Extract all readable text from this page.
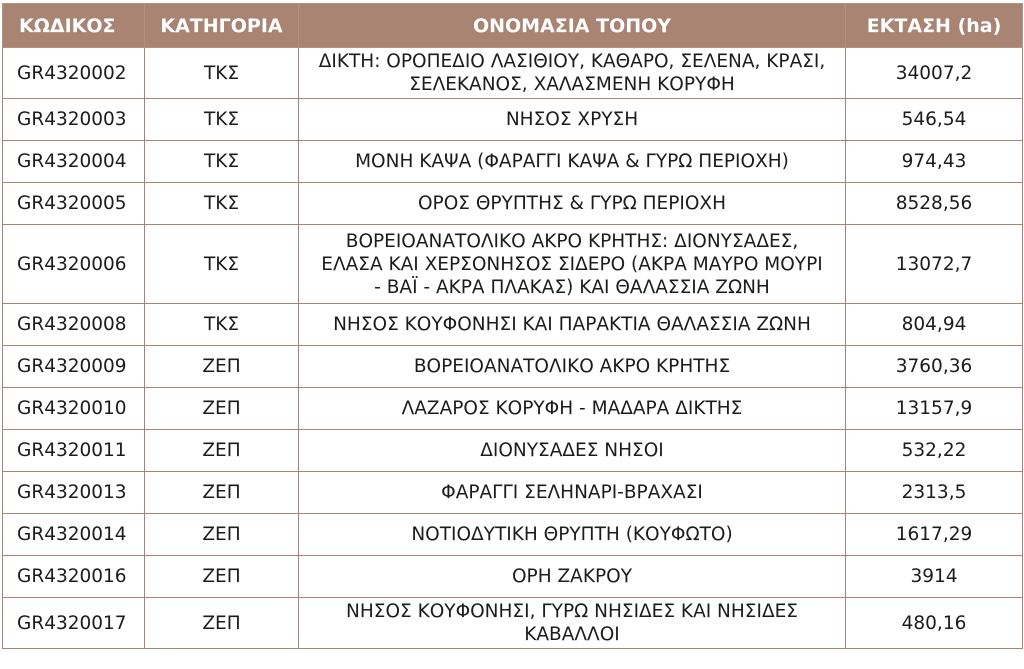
ΚΩΔΙΚΟΣ	ΚΑΤΗΓΟΡΙΑ	ΟΝΟΜΑΣΙΑ ΤΟΠΟΥ	ΕΚΤΑΣΗ (ha)
GR4320002	ΤΚΣ	ΔΙΚΤΗ: ΟΡΟΠΕΔΙΟ ΛΑΣΙΘΙΟΥ, ΚΑΘΑΡΟ, ΣΕΛΕΝΑ, ΚΡΑΣΙ, ΣΕΛΕΚΑΝΟΣ, ΧΑΛΑΣΜΕΝΗ ΚΟΡΥΦΗ	34007,2
GR4320003	ΤΚΣ	ΝΗΣΟΣ ΧΡΥΣΗ	546,54
GR4320004	ΤΚΣ	ΜΟΝΗ ΚΑΨΑ (ΦΑΡΑΓΓΙ ΚΑΨΑ & ΓΥΡΩ ΠΕΡΙΟΧΗ)	974,43
GR4320005	ΤΚΣ	ΟΡΟΣ ΘΡΥΠΤΗΣ & ΓΥΡΩ ΠΕΡΙΟΧΗ	8528,56
GR4320006	ΤΚΣ	ΒΟΡΕΙΟΑΝΑΤΟΛΙΚΟ ΑΚΡΟ ΚΡΗΤΗΣ: ΔΙΟΝΥΣΑΔΕΣ, ΕΛΑΣΑ ΚΑΙ ΧΕΡΣΟΝΗΣΟΣ ΣΙΔΕΡΟ (ΑΚΡΑ ΜΑΥΡΟ ΜΟΥΡΙ - ΒΑΪ - ΑΚΡΑ ΠΛΑΚΑΣ) ΚΑΙ ΘΑΛΑΣΣΙΑ ΖΩΝΗ	13072,7
GR4320008	ΤΚΣ	ΝΗΣΟΣ ΚΟΥΦΟΝΗΣΙ ΚΑΙ ΠΑΡΑΚΤΙΑ ΘΑΛΑΣΣΙΑ ΖΩΝΗ	804,94
GR4320009	ΖΕΠ	ΒΟΡΕΙΟΑΝΑΤΟΛΙΚΟ ΑΚΡΟ ΚΡΗΤΗΣ	3760,36
GR4320010	ΖΕΠ	ΛΑΖΑΡΟΣ ΚΟΡΥΦΗ - ΜΑΔΑΡΑ ΔΙΚΤΗΣ	13157,9
GR4320011	ΖΕΠ	ΔΙΟΝΥΣΑΔΕΣ ΝΗΣΟΙ	532,22
GR4320013	ΖΕΠ	ΦΑΡΑΓΓΙ ΣΕΛΗΝΑΡΙ-ΒΡΑΧΑΣΙ	2313,5
GR4320014	ΖΕΠ	ΝΟΤΙΟΔΥΤΙΚΗ ΘΡΥΠΤΗ (ΚΟΥΦΩΤΟ)	1617,29
GR4320016	ΖΕΠ	ΟΡΗ ΖΑΚΡΟΥ	3914
GR4320017	ΖΕΠ	ΝΗΣΟΣ ΚΟΥΦΟΝΗΣΙ, ΓΥΡΩ ΝΗΣΙΔΕΣ ΚΑΙ ΝΗΣΙΔΕΣ ΚΑΒΑΛΛΟΙ	480,16
